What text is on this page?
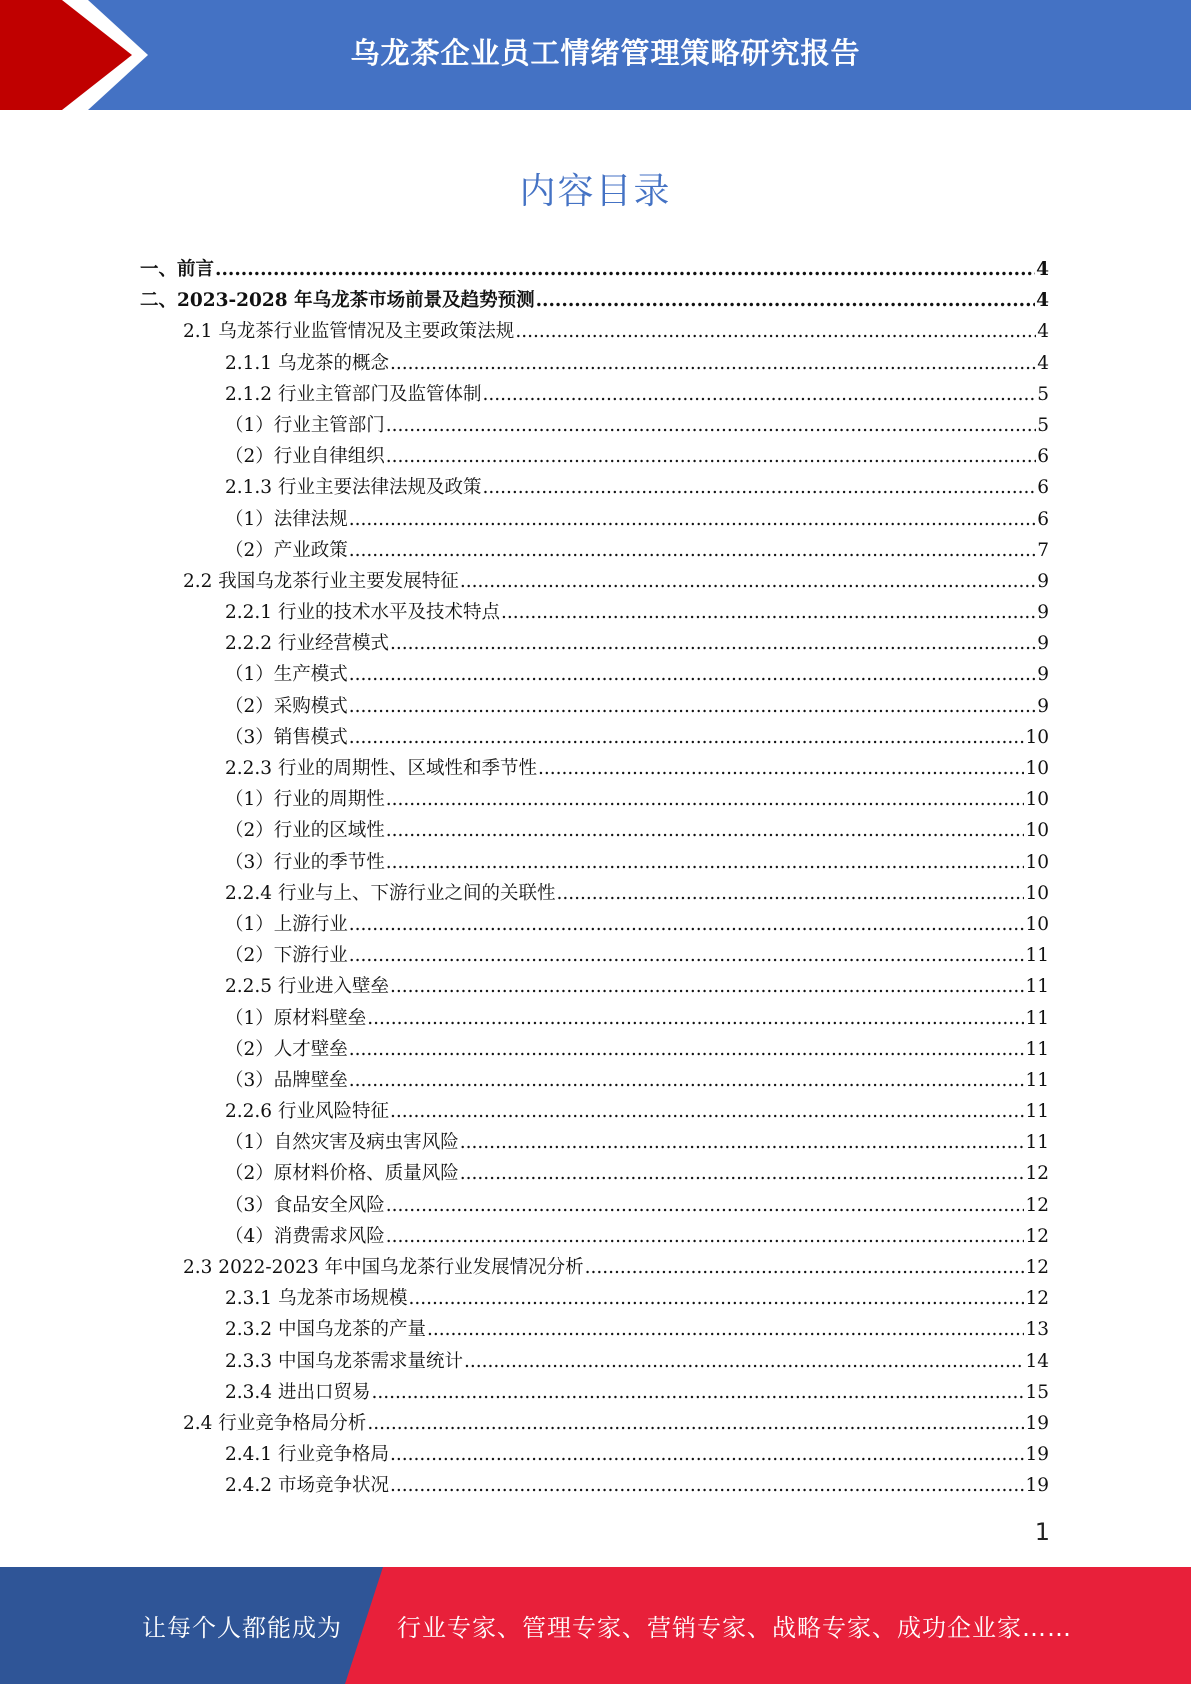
乌龙茶企业员工情绪管理策略研究报告
内容目录
一、前言 .....	4
二、2023-2028 年乌龙茶市场前景及趋势预测 .....	4
2.1 乌龙茶行业监管情况及主要政策法规 .....	4
2.1.1 乌龙茶的概念 .....	4
2.1.2 行业主管部门及监管体制 .....	5
（1）行业主管部门 .....	5
（2）行业自律组织 .....	6
2.1.3 行业主要法律法规及政策 .....	6
（1）法律法规 .....	6
（2）产业政策 .....	7
2.2 我国乌龙茶行业主要发展特征 .....	9
2.2.1 行业的技术水平及技术特点 .....	9
2.2.2 行业经营模式 .....	9
（1）生产模式 .....	9
（2）采购模式 .....	9
（3）销售模式 .....	10
2.2.3 行业的周期性、区域性和季节性 .....	10
（1）行业的周期性 .....	10
（2）行业的区域性 .....	10
（3）行业的季节性 .....	10
2.2.4 行业与上、下游行业之间的关联性 .....	10
（1）上游行业 .....	10
（2）下游行业 .....	11
2.2.5 行业进入壁垒 .....	11
（1）原材料壁垒 .....	11
（2）人才壁垒 .....	11
（3）品牌壁垒 .....	11
2.2.6 行业风险特征 .....	11
（1）自然灾害及病虫害风险 .....	11
（2）原材料价格、质量风险 .....	12
（3）食品安全风险 .....	12
（4）消费需求风险 .....	12
2.3 2022-2023 年中国乌龙茶行业发展情况分析 .....	12
2.3.1 乌龙茶市场规模 .....	12
2.3.2 中国乌龙茶的产量 .....	13
2.3.3 中国乌龙茶需求量统计 .....	14
2.3.4 进出口贸易 .....	15
2.4 行业竞争格局分析 .....	19
2.4.1 行业竞争格局 .....	19
2.4.2 市场竞争状况 .....	19
1
让每个人都能成为 行业专家、管理专家、营销专家、战略专家、成功企业家……
